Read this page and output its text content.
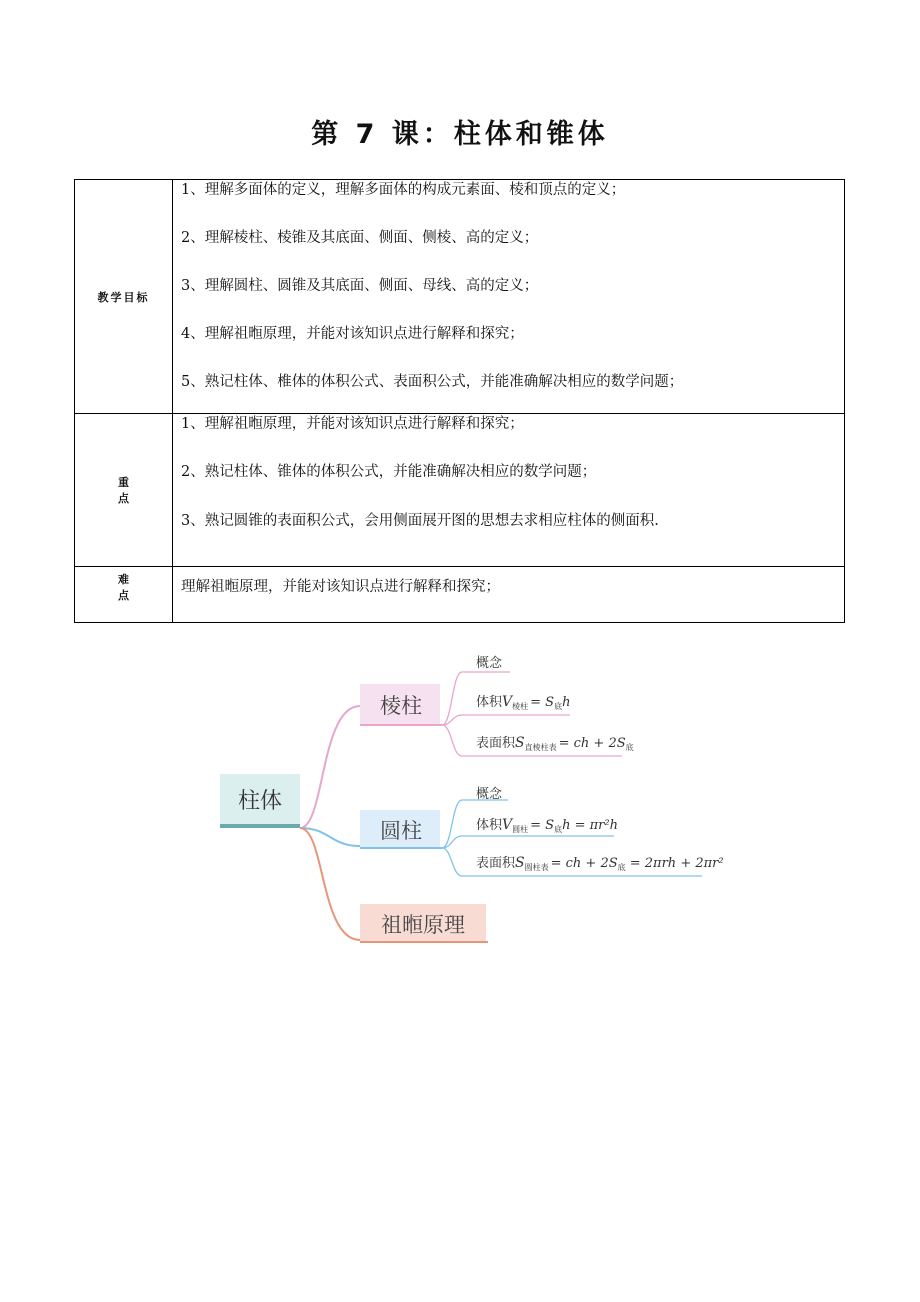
第 7 课：柱体和锥体
教学目标	1、理解多面体的定义，理解多面体的构成元素面、棱和顶点的定义；
2、理解棱柱、棱锥及其底面、侧面、侧棱、高的定义；
3、理解圆柱、圆锥及其底面、侧面、母线、高的定义；
4、理解祖暅原理，并能对该知识点进行解释和探究；
5、熟记柱体、椎体的体积公式、表面积公式，并能准确解决相应的数学问题；

重 点	1、理解祖暅原理，并能对该知识点进行解释和探究；
2、熟记柱体、锥体的体积公式，并能准确解决相应的数学问题；
3、熟记圆锥的表面积公式，会用侧面展开图的思想去求相应柱体的侧面积.

难 点	理解祖暅原理，并能对该知识点进行解释和探究；
柱体
棱柱
概念
体积$V_{棱柱} = S_底h$
表面积$S_{直棱柱表}$ = ch + $2S_底$
圆柱
概念
体积$V_{圆柱} = S_底h = \pi r^2h$
表面积$S_{圆柱表}$ = ch + $2S_底 = 2\pi rh + 2\pi r^2$
祖暅原理
